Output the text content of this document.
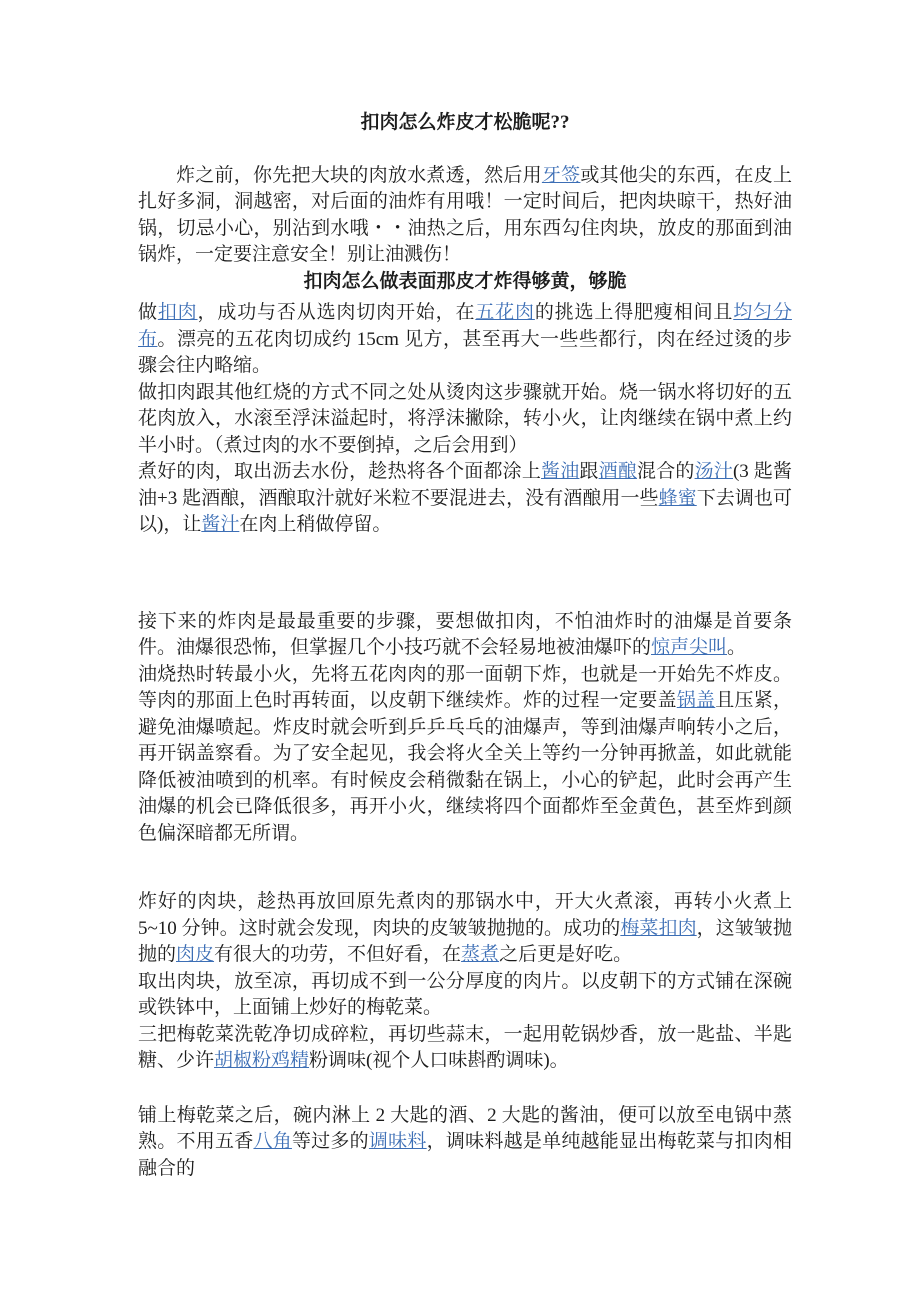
扣肉怎么炸皮才松脆呢??

炸之前，你先把大块的肉放水煮透，然后用牙签或其他尖的东西，在皮上扎好多洞，洞越密，对后面的油炸有用哦！一定时间后，把肉块晾干，热好油锅，切忌小心，别沾到水哦・・油热之后，用东西勾住肉块，放皮的那面到油锅炸，一定要注意安全！别让油溅伤！

扣肉怎么做表面那皮才炸得够黄，够脆

做扣肉，成功与否从选肉切肉开始，在五花肉的挑选上得肥瘦相间且均匀分布。漂亮的五花肉切成约 15cm 见方，甚至再大一些些都行，肉在经过烫的步骤会往内略缩。

做扣肉跟其他红烧的方式不同之处从烫肉这步骤就开始。烧一锅水将切好的五花肉放入，水滚至浮沫溢起时，将浮沫撇除，转小火，让肉继续在锅中煮上约半小时。（煮过肉的水不要倒掉，之后会用到）

煮好的肉，取出沥去水份，趁热将各个面都涂上酱油跟酒酿混合的汤汁(3 匙酱油+3 匙酒酿，酒酿取汁就好米粒不要混进去，没有酒酿用一些蜂蜜下去调也可以)，让酱汁在肉上稍做停留。

接下来的炸肉是最最重要的步骤，要想做扣肉，不怕油炸时的油爆是首要条件。油爆很恐怖，但掌握几个小技巧就不会轻易地被油爆吓的惊声尖叫。

油烧热时转最小火，先将五花肉肉的那一面朝下炸，也就是一开始先不炸皮。等肉的那面上色时再转面，以皮朝下继续炸。炸的过程一定要盖锅盖且压紧，避免油爆喷起。炸皮时就会听到乒乒乓乓的油爆声，等到油爆声响转小之后，再开锅盖察看。为了安全起见，我会将火全关上等约一分钟再掀盖，如此就能降低被油喷到的机率。有时候皮会稍微黏在锅上，小心的铲起，此时会再产生油爆的机会已降低很多，再开小火，继续将四个面都炸至金黄色，甚至炸到颜色偏深暗都无所谓。

炸好的肉块，趁热再放回原先煮肉的那锅水中，开大火煮滚，再转小火煮上 5~10 分钟。这时就会发现，肉块的皮皱皱抛抛的。成功的梅菜扣肉，这皱皱抛抛的肉皮有很大的功劳，不但好看，在蒸煮之后更是好吃。

取出肉块，放至凉，再切成不到一公分厚度的肉片。以皮朝下的方式铺在深碗或铁钵中，上面铺上炒好的梅乾菜。

三把梅乾菜洗乾净切成碎粒，再切些蒜末，一起用乾锅炒香，放一匙盐、半匙糖、少许胡椒粉鸡精粉调味(视个人口味斟酌调味)。

铺上梅乾菜之后，碗内淋上 2 大匙的酒、2 大匙的酱油，便可以放至电锅中蒸熟。不用五香八角等过多的调味料，调味料越是单纯越能显出梅乾菜与扣肉相融合的
